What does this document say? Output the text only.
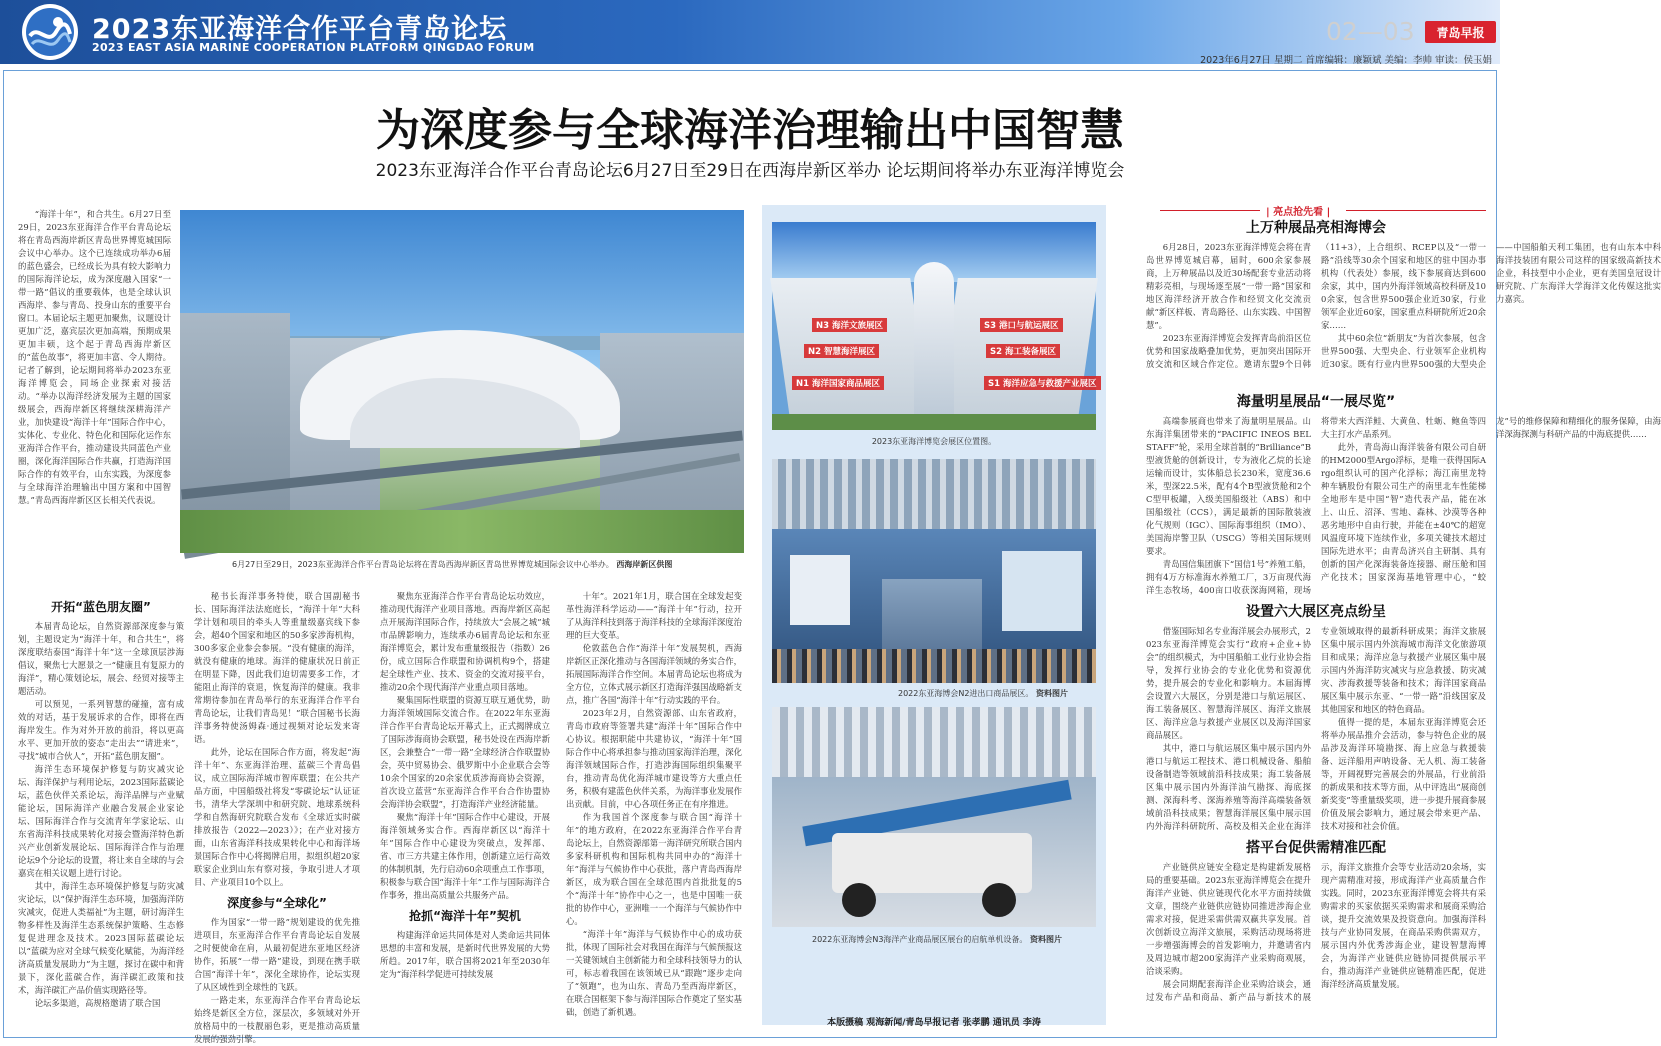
2023东亚海洋合作平台青岛论坛
2023 EAST ASIA MARINE COOPERATION PLATFORM QINGDAO FORUM
02—03	青岛早报
2023年6月27日 星期二 首席编辑：廉颖斌 美编：李帅 审读：侯玉娟
为深度参与全球海洋治理输出中国智慧
2023东亚海洋合作平台青岛论坛6月27日至29日在西海岸新区举办 论坛期间将举办东亚海洋博览会

“海洋十年”，和合共生。6月27日至29日，2023东亚海洋合作平台青岛论坛将在青岛西海岸新区青岛世界博览城国际会议中心举办。这个已连续成功举办6届的蓝色盛会，已经成长为具有较大影响力的国际海洋论坛，成为深度融入国家“一带一路”倡议的重要载体，也是全球认识西海岸、参与青岛、投身山东的重要平台窗口。本届论坛主题更加聚焦，议题设计更加广泛，嘉宾层次更加高端，预期成果更加丰硕，这个起于青岛西海岸新区的“蓝色故事”，将更加丰富、令人期待。记者了解到，论坛期间将举办2023东亚海洋博览会，同场企业探索对接活动。“举办以海洋经济发展为主题的国家级展会，西海岸新区将继续深耕海洋产业，加快建设“海洋十年”国际合作中心，实体化、专业化、特色化和国际化运作东亚海洋合作平台，推动建设共同蓝色产业圈，深化海洋国际合作共赢，打造海洋国际合作的有效平台，山东实践，为深度参与全球海洋治理输出中国方案和中国智慧。”青岛西海岸新区区长相关代表说。

6月27日至29日，2023东亚海洋合作平台青岛论坛将在青岛西海岸新区青岛世界博览城国际会议中心举办。 西海岸新区供图
开拓“蓝色朋友圈”

本届青岛论坛，自然资源部深度参与策划，主题设定为“海洋十年，和合共生”，将深度联结泰国“海洋十年”这一全球顶层涉海倡议，聚焦七大愿景之一“健康且有复原力的海洋”，精心策划论坛，展会、经贸对接等主题活动。

可以预见，一系列智慧的碰撞，富有成效的对话，基于发展诉求的合作，即将在西海岸发生。作为对外开放的前沿，将以更高水平、更加开放的姿态“走出去”“请进来”，寻找“城市合伙人”，开拓“蓝色朋友圈”。

海洋生态环境保护修复与防灾减灾论坛、海洋保护与利用论坛，2023国际蓝碳论坛，蓝色伙伴关系论坛，海洋品牌与产业赋能论坛，国际海洋产业融合发展企业家论坛、国际海洋合作与交流青年学家论坛、山东省海洋科技成果转化对接会暨海洋特色新兴产业创新发展论坛、国际海洋合作与治理论坛9个分论坛的设置，将让来自全球的与会嘉宾在相关议题上进行讨论。

其中，海洋生态环境保护修复与防灾减灾论坛，以“保护海洋生态环境，加强海洋防灾减灾，促进人类福祉”为主题，研讨海洋生物多样性及海洋生态系统保护策略、生态修复促进理念及技术。2023国际蓝碳论坛以“蓝碳为应对全球气候变化赋能，为海洋经济高质量发展助力”为主题，探讨在碳中和背景下，深化蓝碳合作，海洋碳汇政策和技术，海洋碳汇产品价值实现路径等。

论坛多渠道，高规格邀请了联合国

秘书长海洋事务特使，联合国副秘书长、国际海洋法法庭庭长，“海洋十年”大科学计划和项目的牵头人等重量级嘉宾线下参会，超40个国家和地区的50多家涉海机构，300多家企业参会参展。“没有健康的海洋，就没有健康的地球。海洋的健康状况日前正在明显下降，因此我们迫切需要多工作，才能阻止海洋的衰退，恢复海洋的健康。我非常期待参加在青岛举行的东亚海洋合作平台青岛论坛，让我们青岛见！”联合国秘书长海洋事务特使汤姆森·通过视频对论坛发来寄语。

此外，论坛在国际合作方面，将发起“海洋十年”、东亚海洋治理、蓝碳三个青岛倡议，成立国际海洋城市智库联盟；在公共产品方面，中国船级社将发“零碳论坛”认证证书，清华大学深圳中和研究院、地球系统科学和自然海研究院联合发布《全球近实时碳排放报告（2022—2023）》；在产业对接方面，山东省海洋科技成果转化中心和海洋场景国际合作中心将揭牌启用，拟组织超20家联家企业到山东有察对接，争取引进人才项目、产业项目10个以上。

深度参与“全球化”

作为国家“一带一路”规划建设的优先推进项目，东亚海洋合作平台青岛论坛自发展之时便使命在肩，从最初促进东亚地区经济协作，拓展“一带一路”建设，到现在携手联合国“海洋十年”，深化全球协作，论坛实现了从区域性到全球性的飞跃。

一路走来，东亚海洋合作平台青岛论坛始终是新区全方位，深层次，多领域对外开放格局中的一枝靓丽色彩，更是推动高质量发展的强劲引擎。

聚焦东亚海洋合作平台青岛论坛功效应，推动现代海洋产业项目落地。西海岸新区高起点开展海洋国际合作，持续放大“会展之城”城市品牌影响力，连续承办6届青岛论坛和东亚海洋博览会，累计发布重量级报告（指数）26份，成立国际合作联盟和协调机构9个，搭建起全球性产业、技术、资金的交流对接平台，推动20余个现代海洋产业重点项目落地。

聚集国际性联盟的资源互联互通优势，助力海洋领域国际交流合作。在2022年东亚海洋合作平台青岛论坛开幕式上，正式揭牌成立了国际涉海商协会联盟，秘书处设在西海岸新区，会兼整合“一带一路”全球经济合作联盟协会，英中贸易协会、俄罗斯中小企业联合会等10余个国家的20余家优质涉海商协会资源，首次设立蓝营“东亚海洋合作平台合作协盟协会海洋协会联盟”，打造海洋产业经济能量。

聚焦“海洋十年”国际合作中心建设，开展海洋领域务实合作。西海岸新区以“海洋十年”国际合作中心建设为突破点，发挥部、省、市三方共建主体作用，创新建立运行高效的体制机制，先行启动60余项重点工作事项，积极参与联合国“海洋十年”工作与国际海洋合作事务，推出高质量公共服务产品。

抢抓“海洋十年”契机

构建海洋命运共同体是对人类命运共同体思想的丰富和发展，是新时代世界发展的大势所趋。2017年，联合国将2021年至2030年定为“海洋科学促进可持续发展

十年”。2021年1月，联合国在全球发起变革性海洋科学运动——“海洋十年”行动，拉开了从海洋科技到落于海洋科技的全球海洋深度治理的巨大变革。

伦敦蓝色合作“海洋十年”发展契机，西海岸新区正深化推动与各国海洋领域的务实合作，拓展国际海洋合作空间。本届青岛论坛也将成为全方位，立体式展示新区打造海洋强国战略新支点，推广各国“海洋十年”行动实践的平台。

2023年2月，自然资源部、山东省政府，青岛市政府等签署共建“海洋十年”国际合作中心协议。根据职能中共建协议，“海洋十年”国际合作中心将承担参与推动国家海洋治理，深化海洋领域国际合作，打造涉海国际组织集聚平台，推动青岛优化海洋城市建设等方大重点任务，积极有建蓝色伙伴关系，为海洋事业发展作出贡献。目前，中心各项任务正在有序推进。

作为我国首个深度参与联合国“海洋十年”的地方政府，在2022东亚海洋合作平台青岛论坛上，自然资源部第一海洋研究所联合国内多家科研机构和国际机构共同申办的“海洋十年”海洋与气候协作中心获批，落户青岛西海岸新区，成为联合国在全球范围内首批批复的5个“海洋十年”协作中心之一，也是中国唯一获批的协作中心，亚洲唯一一个海洋与气候协作中心。

“海洋十年”海洋与气候协作中心的成功获批，体现了国际社会对我国在海洋与气候预报这一关键领域自主创新能力和全球科技领导力的认可，标志着我国在该领域已从“跟跑”逐步走向了“领跑”，也为山东、青岛乃至西海岸新区，在联合国框架下参与海洋国际合作奠定了坚实基础，创造了新机遇。

N3 海洋文旅展区
N2 智慧海洋展区
N1 海洋国家商品展区
S3 港口与航运展区
S2 海工装备展区
S1 海洋应急与救援产业展区
2023东亚海洋博览会展区位置图。
2022东亚海博会N2进出口商品展区。 资料图片
2022东亚海博会N3海洋产业商品展区展台的启航单机设备。 资料图片
本版摄稿 观海新闻/青岛早报记者 张孝鹏 通讯员 李涛
| 亮点抢先看 |
上万种展品亮相海博会

6月28日，2023东亚海洋博览会将在青岛世界博览城启幕，届时，600余家参展商，上万种展品以及近30场配套专业活动将精彩亮相，与现场逐至展“一带一路”国家和地区海洋经济开放合作和经贸文化交流贡献“新区样板、青岛路径、山东实践、中国智慧”。

2023东亚海洋博览会发挥青岛前沿区位优势和国家战略叠加优势，更加突出国际开放交流和区域合作定位。邀请东盟9个日韩（11+3），上合组织、RCEP以及“一带一路”沿线等30余个国家和地区的驻中国办事机构（代表处）参展，线下参展商达到600余家，其中，国内外海洋领域高校科研及100余家，包含世界500强企业近30家，行业领军企业近60家，国家重点科研院所近20余家……

其中60余位“新朋友”为首次参展，包含世界500强、大型央企、行业领军企业机构近30家。既有行业内世界500强的大型央企——中国船舶天利工集团，也有山东本中科海洋技装团有限公司这样的国家级高新技术企业，科技型中小企业，更有美国皇冠设计研究院、广东海洋大学海洋文化传媒这批实力嘉宾。

海量明星展品“一展尽览”

高端参展商也带来了海量明星展品。山东海洋集团带来的“PACIFIC INEOS BELSTAFF”轮，采用全球首制的“Brilliance”B型液货舱的创新设计，专为液化乙烷的长途运输而设计，实体船总长230米，宽度36.6米，型深22.5米，配有4个B型液货舱和2个C型甲板罐，入级美国船级社（ABS）和中国船级社（CCS），满足最新的国际散装液化气规则（IGC）、国际海事组织（IMO）、美国海岸警卫队（USCG）等相关国际规则要求。

青岛国信集团旗下“国信1号”养殖工船，拥有4万方标准海水养殖工厂，3万亩现代海洋生态牧场，400亩口收获深海网箱，现场将带来大西洋鲑、大黄鱼、牡蛎、鲍鱼等四大主打水产品系列。

此外，青岛海山海洋装备有限公司自研的HM2000型Argo浮标，是唯一获得国际Argo组织认可的国产化浮标；海江南里龙特种车辆股份有限公司生产的南里北车性能梯全地形车是中国“智”造代表产品，能在冰上、山丘、沼泽、雪地、森林、沙漠等各种恶劣地形中自由行驶，并能在±40℃的超宽风温度环境下连续作业，多项关键技术超过国际先进水平；由青岛济兴自主研制、具有创新的国产化深海装备连接器、耐压舱和国产化技术；国家深海基地管理中心，“蛟龙”号的维修保障和精细化的服务保障，由海洋深海探测与科研产品的中海底提供……

设置六大展区亮点纷呈

借鉴国际知名专业海洋展会办展形式，2023东亚海洋博览会实行“政府+企业+协会”的组织模式，为中国船舶工业行业协会指导，发挥行业协会的专业化优势和资源优势，提升展会的专业化和影响力。本届海博会设置六大展区，分别是港口与航运展区、海工装备展区、智慧海洋展区、海洋文旅展区、海洋应急与救援产业展区以及海洋国家商品展区。

其中，港口与航运展区集中展示国内外港口与航运工程技术、港口机械设备、船舶设备制造等领域前沿科技成果；海工装备展区集中展示国内外海洋油气勘探、海底探测、深海科考、深海养殖等海洋高端装备领域前沿科技成果；智慧海洋展区集中展示国内外海洋科研院所、高校及相关企业在海洋专业领域取得的最新科研成果；海洋文旅展区集中展示国内外滨海城市海洋文化旅游项目和成果；海洋应急与救援产业展区集中展示国内外海洋防灾减灾与应急救援、防灾减灾、涉海救援等装备和技术；海洋国家商品展区集中展示东亚、“一带一路”沿线国家及其他国家和地区的特色商品。

值得一提的是，本届东亚海洋博览会还将举办展品推介会活动，参与特色企业的展品涉及海洋环境勘探、海上应急与救援装备、远洋船用声呐设备、无人机、海工装备等，开阔视野完善展会的外展品，行业前沿的新成果和技术等方面，从中评选出“展商创新奖变”等重量级奖项，进一步提升展商参展价值及展会影响力，通过展会带来更产品、技术对接和社会价值。

搭平台促供需精准匹配

产业链供应链安全稳定是构建新发展格局的重要基础。2023东亚海洋博览会在提升海洋产业链、供应链现代化水平方面持续做文章，围绕产业链供应链协同推进涉海企业需求对接，促进采需供需双赢共享发展。首次创新设立海洋文旅展，采购活动现场将进一步增强海博会的首发影响力，并邀请省内及周边城市超200家海洋产业采购商观展，洽谈采购。

展会同期配套海洋企业采购洽谈会，通过发布产品和商品、新产品与新技术的展示，海洋文旅推介会等专业活动20余场，实现产需精准对接，形成海洋产业高质量合作实践。同时，2023东亚海洋博览会将共有采购需求的买家依据买采购需求和展商采购洽谈，提升交流效果及投资意向。加强海洋科技与产业协同发展，在商品采购供需双方，展示国内外优秀涉海企业，建设智慧海博会，为海洋产业链供应链协同提供展示平台，推动海洋产业链供应链精准匹配，促进海洋经济高质量发展。
